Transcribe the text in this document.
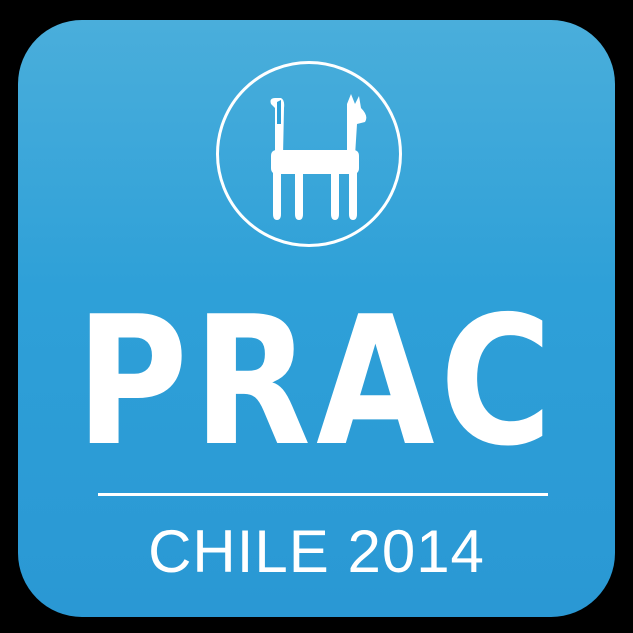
PRAC
CHILE 2014
